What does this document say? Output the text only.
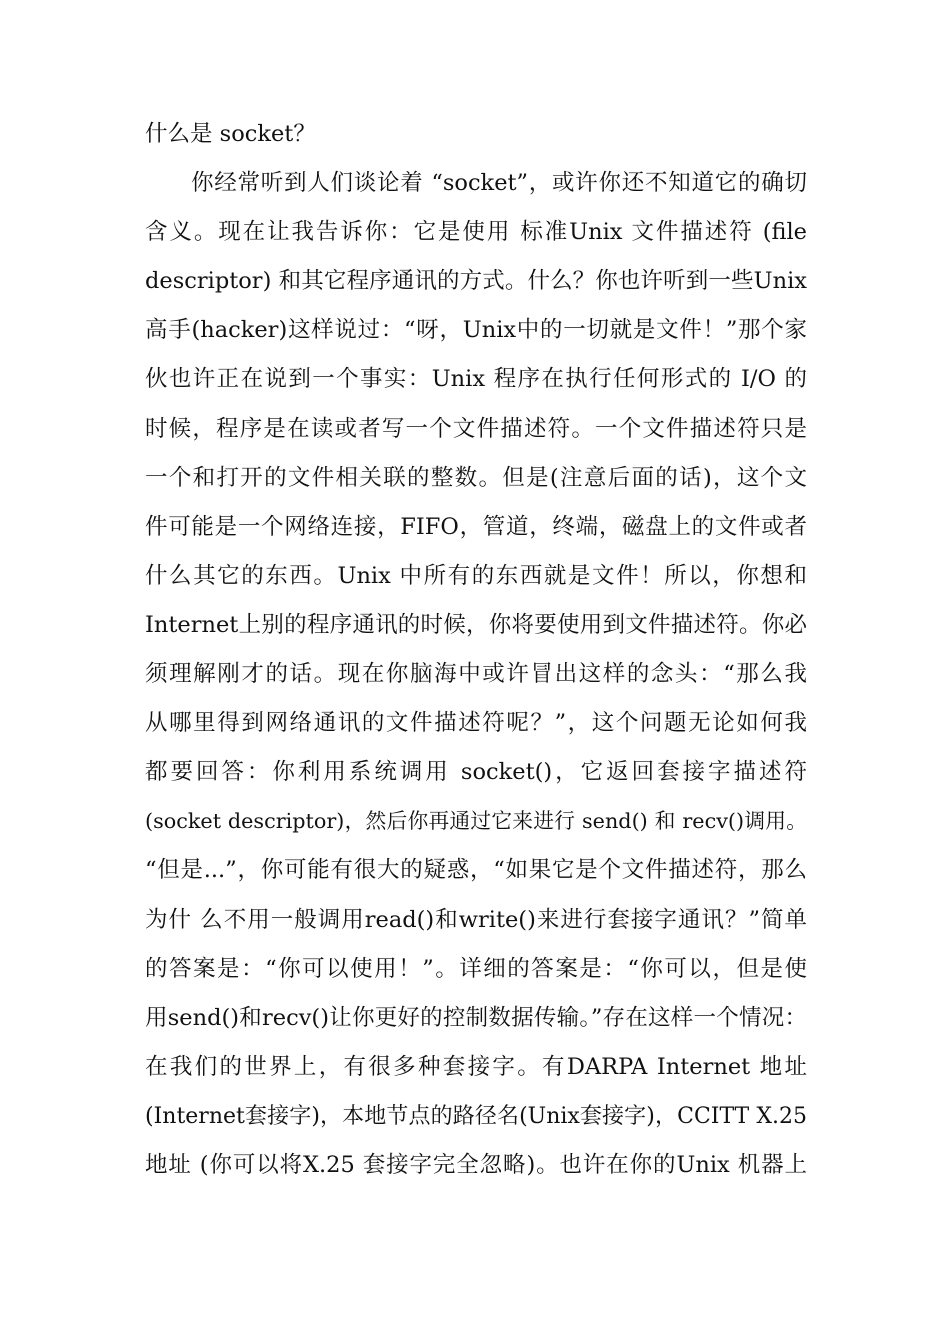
什么是 socket？
你经常听到人们谈论着 “socket”，或许你还不知道它的确切
含义。现在让我告诉你：它是使用 标准Unix 文件描述符 (file
descriptor) 和其它程序通讯的方式。什么？你也许听到一些Unix
高手(hacker)这样说过：“呀，Unix中的一切就是文件！”那个家
伙也许正在说到一个事实：Unix 程序在执行任何形式的 I/O 的
时候，程序是在读或者写一个文件描述符。一个文件描述符只是
一个和打开的文件相关联的整数。但是(注意后面的话)，这个文
件可能是一个网络连接，FIFO，管道，终端，磁盘上的文件或者
什么其它的东西。Unix 中所有的东西就是文件！所以，你想和
Internet上别的程序通讯的时候，你将要使用到文件描述符。你必
须理解刚才的话。现在你脑海中或许冒出这样的念头：“那么我
从哪里得到网络通讯的文件描述符呢？”，这个问题无论如何我
都要回答：你利用系统调用 socket()，它返回套接字描述符
(socket descriptor)，然后你再通过它来进行 send() 和 recv()调用。
“但是...”，你可能有很大的疑惑，“如果它是个文件描述符，那么
为什 么不用一般调用read()和write()来进行套接字通讯？”简单
的答案是：“你可以使用！”。详细的答案是：“你可以，但是使
用send()和recv()让你更好的控制数据传输。”存在这样一个情况：
在我们的世界上，有很多种套接字。有DARPA Internet 地址
(Internet套接字)，本地节点的路径名(Unix套接字)，CCITT X.25
地址 (你可以将X.25 套接字完全忽略)。也许在你的Unix 机器上
